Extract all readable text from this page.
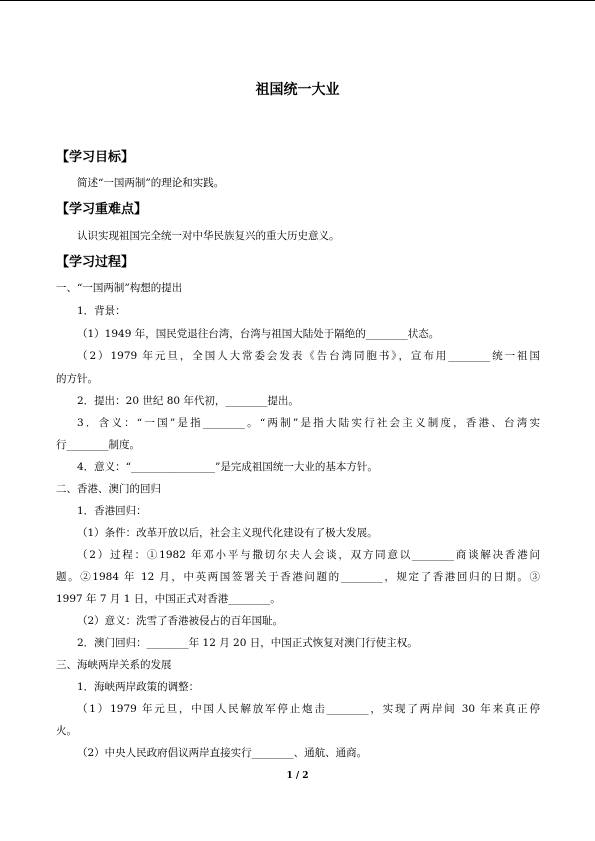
祖国统一大业
【学习目标】
简述“一国两制”的理论和实践。
【学习重难点】
认识实现祖国完全统一对中华民族复兴的重大历史意义。
【学习过程】
一、“一国两制”构想的提出
1．背景：
（1）1949 年，国民党退往台湾，台湾与祖国大陆处于隔绝的________状态。
（2）1979 年元旦，全国人大常委会发表《告台湾同胞书》，宣布用________统一祖国
的方针。
2．提出：20 世纪 80 年代初，________提出。
3．含义：“一国”是指________。“两制”是指大陆实行社会主义制度，香港、台湾实
行________制度。
4．意义：“________________”是完成祖国统一大业的基本方针。
二、香港、澳门的回归
1．香港回归：
（1）条件：改革开放以后，社会主义现代化建设有了极大发展。
（2）过程：①1982 年邓小平与撒切尔夫人会谈，双方同意以________商谈解决香港问
题。②1984 年 12 月，中英两国签署关于香港问题的________，规定了香港回归的日期。③
1997 年 7 月 1 日，中国正式对香港________。
（2）意义：洗雪了香港被侵占的百年国耻。
2．澳门回归：________年 12 月 20 日，中国正式恢复对澳门行使主权。
三、海峡两岸关系的发展
1．海峡两岸政策的调整：
（1）1979 年元旦，中国人民解放军停止炮击________，实现了两岸间 30 年来真正停
火。
（2）中央人民政府倡议两岸直接实行________、通航、通商。
1 / 2
